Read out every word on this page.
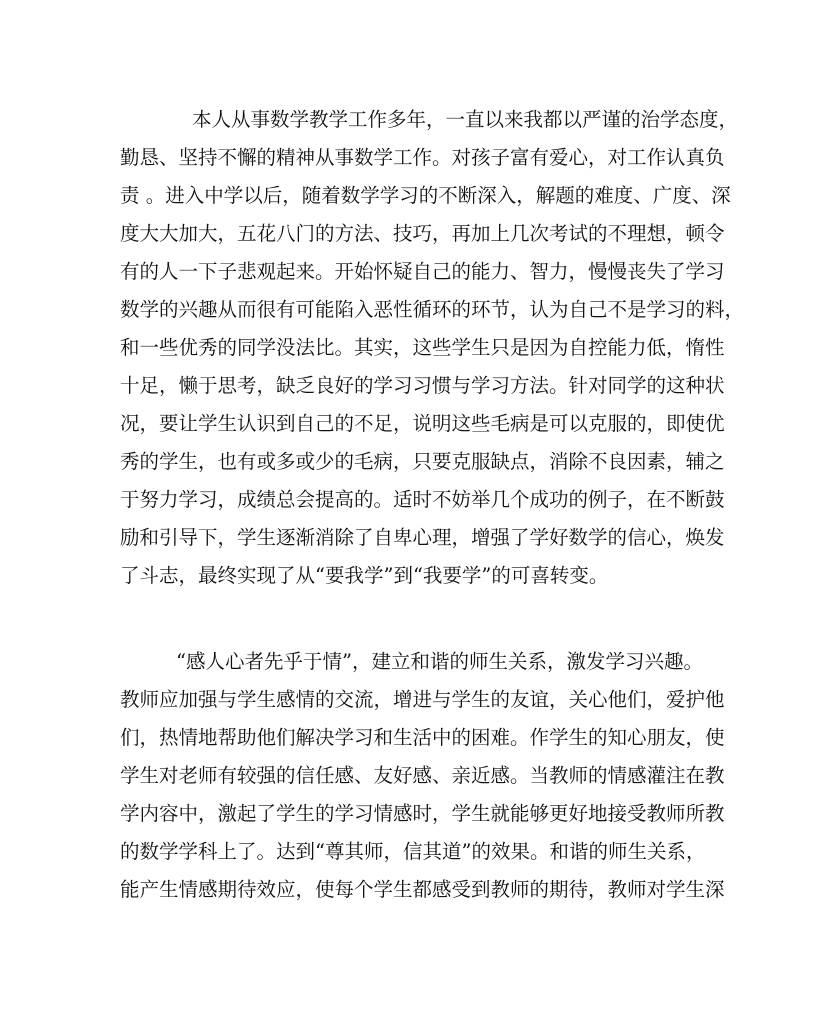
本人从事数学教学工作多年，一直以来我都以严谨的治学态度，
勤恳、坚持不懈的精神从事数学工作。对孩子富有爱心，对工作认真负
责 。进入中学以后，随着数学学习的不断深入，解题的难度、广度、深
度大大加大，五花八门的方法、技巧，再加上几次考试的不理想，顿令
有的人一下子悲观起来。开始怀疑自己的能力、智力，慢慢丧失了学习
数学的兴趣从而很有可能陷入恶性循环的环节，认为自己不是学习的料，
和一些优秀的同学没法比。其实，这些学生只是因为自控能力低，惰性
十足，懒于思考，缺乏良好的学习习惯与学习方法。针对同学的这种状
况，要让学生认识到自己的不足，说明这些毛病是可以克服的，即使优
秀的学生，也有或多或少的毛病，只要克服缺点，消除不良因素，辅之
于努力学习，成绩总会提高的。适时不妨举几个成功的例子，在不断鼓
励和引导下，学生逐渐消除了自卑心理，增强了学好数学的信心，焕发
了斗志，最终实现了从“要我学”到“我要学”的可喜转变。
“感人心者先乎于情”，建立和谐的师生关系，激发学习兴趣。
教师应加强与学生感情的交流，增进与学生的友谊，关心他们，爱护他
们，热情地帮助他们解决学习和生活中的困难。作学生的知心朋友，使
学生对老师有较强的信任感、友好感、亲近感。当教师的情感灌注在教
学内容中，激起了学生的学习情感时，学生就能够更好地接受教师所教
的数学学科上了。达到“尊其师，信其道”的效果。和谐的师生关系，
能产生情感期待效应，使每个学生都感受到教师的期待，教师对学生深
